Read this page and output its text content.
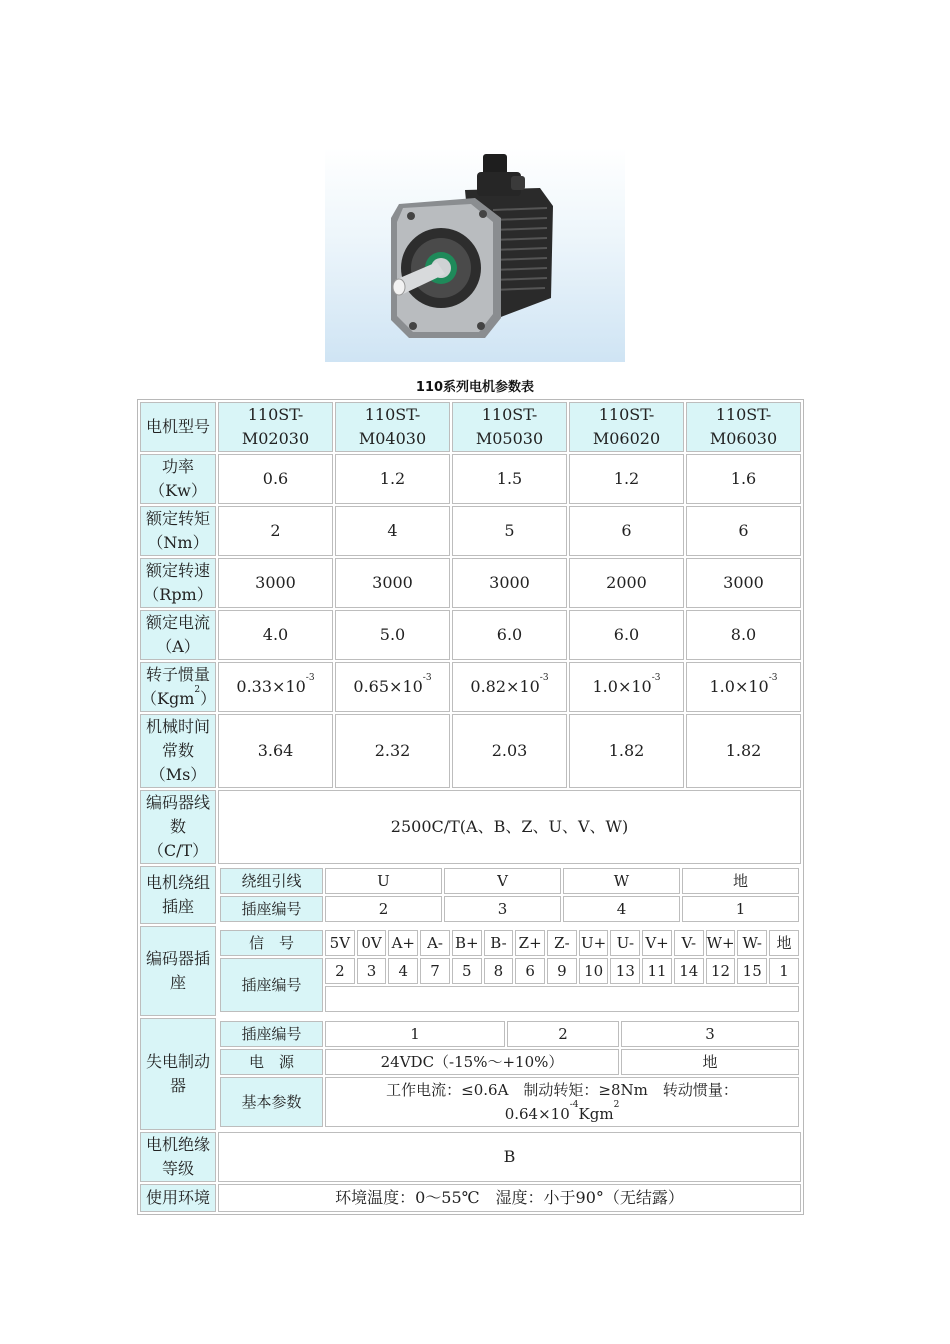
110系列电机参数表
电机型号	110ST-M02030	110ST-M04030	110ST-M05030	110ST-M06020	110ST-M06030

功率
（Kw）
	0.6	1.2	1.5	1.2	1.6

额定转矩
（Nm）
	2	4	5	6	6

额定转速
（Rpm）
	3000	3000	3000	2000	3000

额定电流
（A）
	4.0	5.0	6.0	6.0	8.0

转子惯量
（Kgm$^2$）
	$0.33\times 10^{-3}$	$0.65\times 10^{-3}$	$0.82\times 10^{-3}$	$1.0\times 10^{-3}$	$1.0\times 10^{-3}$

机械时间
常数
（Ms）
	3.64	2.32	2.03	1.82	1.82

编码器线
数
（C/T）
	2500C/T(A、B、Z、U、V、W)

电机绕组
插座

绕组引线	U	V	W	地
插座编号	2	3	4	1

编码器插
座

信　号	5V	0V	A+	A-	B+	B-	Z+	Z-	U+	U-	V+	V-	W+	W-	地
插座编号	2	3	4	7	5	8	6	9	10	13	11	14	12	15	1

失电制动
器

插座编号	1	2	3
电　源	24VDC（-15%～+10%）	地
基本参数	
工作电流：≤0.6A　制动转矩：≥8Nm　转动惯量：
$0.64\times 10^{-4}Kgm^2$

电机绝缘
等级
	B
使用环境	环境温度：0～55℃　湿度：小于90°（无结露）
